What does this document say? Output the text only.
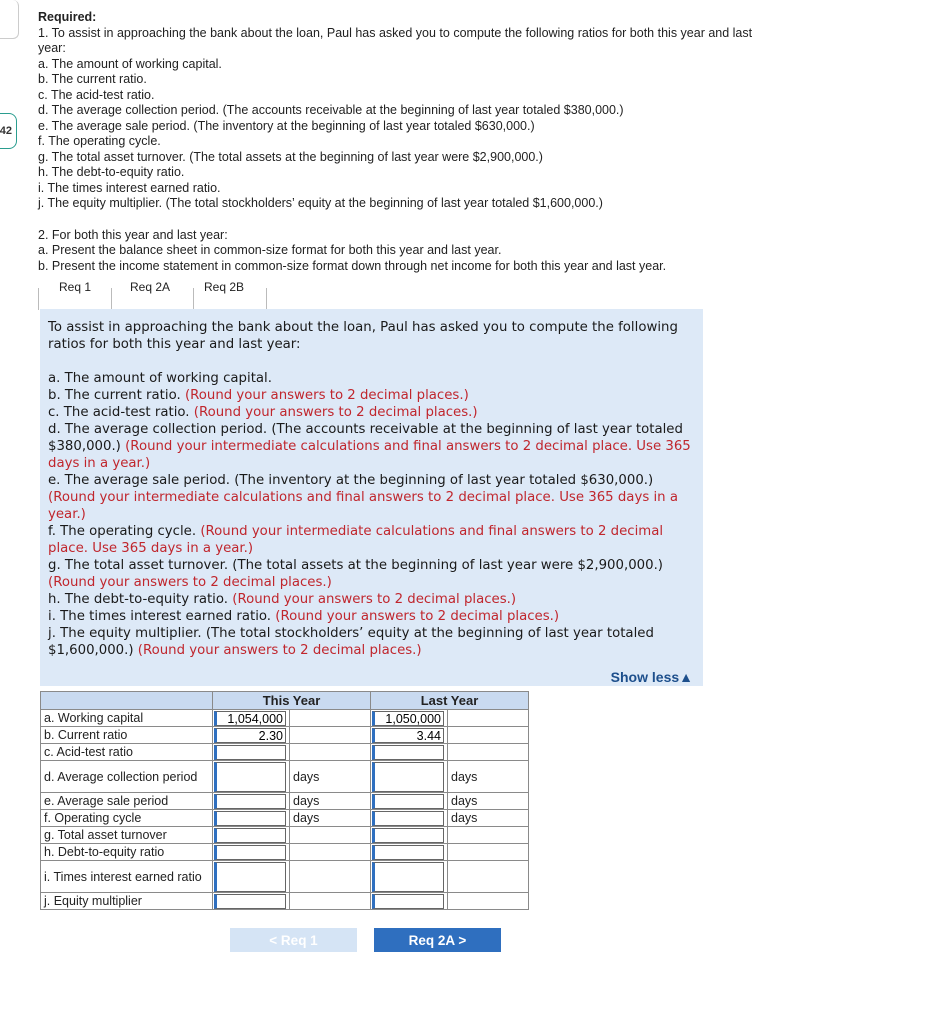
42

Required:

1. To assist in approaching the bank about the loan, Paul has asked you to compute the following ratios for both this year and last year:

a. The amount of working capital.

b. The current ratio.

c. The acid-test ratio.

d. The average collection period. (The accounts receivable at the beginning of last year totaled $380,000.)

e. The average sale period. (The inventory at the beginning of last year totaled $630,000.)

f. The operating cycle.

g. The total asset turnover. (The total assets at the beginning of last year were $2,900,000.)

h. The debt-to-equity ratio.

i. The times interest earned ratio.

j. The equity multiplier. (The total stockholders’ equity at the beginning of last year totaled $1,600,000.)

2. For both this year and last year:

a. Present the balance sheet in common-size format for both this year and last year.

b. Present the income statement in common-size format down through net income for both this year and last year.

Req 1	Req 2A	Req 2B

To assist in approaching the bank about the loan, Paul has asked you to compute the following ratios for both this year and last year:

a. The amount of working capital.

b. The current ratio. (Round your answers to 2 decimal places.)

c. The acid-test ratio. (Round your answers to 2 decimal places.)

d. The average collection period. (The accounts receivable at the beginning of last year totaled $380,000.) (Round your intermediate calculations and final answers to 2 decimal place. Use 365 days in a year.)

e. The average sale period. (The inventory at the beginning of last year totaled $630,000.) (Round your intermediate calculations and final answers to 2 decimal place. Use 365 days in a year.)

f. The operating cycle. (Round your intermediate calculations and final answers to 2 decimal place. Use 365 days in a year.)

g. The total asset turnover. (The total assets at the beginning of last year were $2,900,000.) (Round your answers to 2 decimal places.)

h. The debt-to-equity ratio. (Round your answers to 2 decimal places.)

i. The times interest earned ratio. (Round your answers to 2 decimal places.)

j. The equity multiplier. (The total stockholders’ equity at the beginning of last year totaled $1,600,000.) (Round your answers to 2 decimal places.)

Show less▲
	This Year		Last Year	
a. Working capital	1,054,000		1,050,000	
b. Current ratio	2.30		3.44	
c. Acid-test ratio				
d. Average collection period		days		days
e. Average sale period		days		days
f. Operating cycle		days		days
g. Total asset turnover				
h. Debt-to-equity ratio				
i. Times interest earned ratio				
j. Equity multiplier				
< Req 1	Req 2A >
